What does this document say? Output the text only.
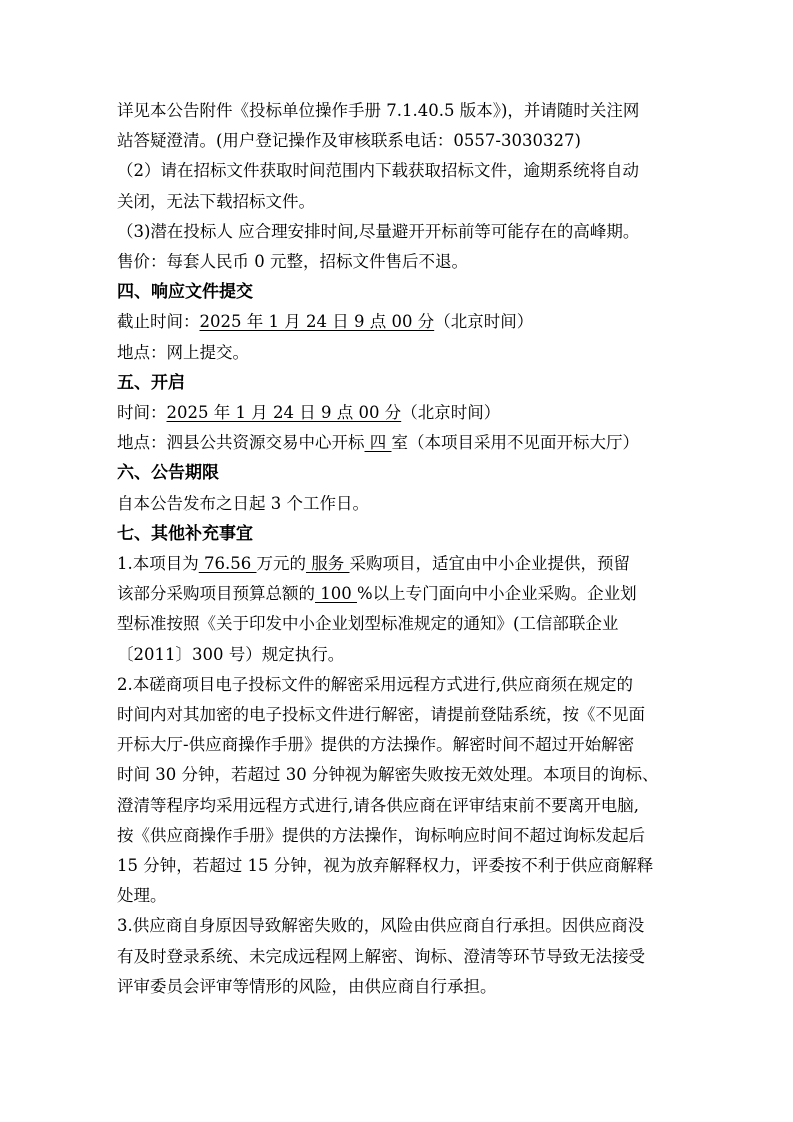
详见本公告附件《投标单位操作手册 7.1.40.5 版本》)，并请随时关注网

站答疑澄清。(用户登记操作及审核联系电话：0557-3030327)

（2）请在招标文件获取时间范围内下载获取招标文件，逾期系统将自动

关闭，无法下载招标文件。

（3)潜在投标人 应合理安排时间,尽量避开开标前等可能存在的高峰期。

售价：每套人民币 0 元整，招标文件售后不退。

四、响应文件提交

截止时间：2025 年 1 月 24 日 9 点 00 分（北京时间）

地点：网上提交。

五、开启

时间：2025 年 1 月 24 日 9 点 00 分（北京时间）

地点：泗县公共资源交易中心开标 四 室（本项目采用不见面开标大厅）

六、公告期限

自本公告发布之日起 3 个工作日。

七、其他补充事宜

1.本项目为 76.56 万元的 服务 采购项目，适宜由中小企业提供，预留

该部分采购项目预算总额的 100 %以上专门面向中小企业采购。企业划

型标准按照《关于印发中小企业划型标准规定的通知》(工信部联企业

〔2011〕300 号）规定执行。

2.本磋商项目电子投标文件的解密采用远程方式进行,供应商须在规定的

时间内对其加密的电子投标文件进行解密，请提前登陆系统，按《不见面

开标大厅-供应商操作手册》提供的方法操作。解密时间不超过开始解密

时间 30 分钟，若超过 30 分钟视为解密失败按无效处理。本项目的询标、

澄清等程序均采用远程方式进行,请各供应商在评审结束前不要离开电脑,

按《供应商操作手册》提供的方法操作，询标响应时间不超过询标发起后

15 分钟，若超过 15 分钟，视为放弃解释权力，评委按不利于供应商解释

处理。

3.供应商自身原因导致解密失败的，风险由供应商自行承担。因供应商没

有及时登录系统、未完成远程网上解密、询标、澄清等环节导致无法接受

评审委员会评审等情形的风险，由供应商自行承担。
